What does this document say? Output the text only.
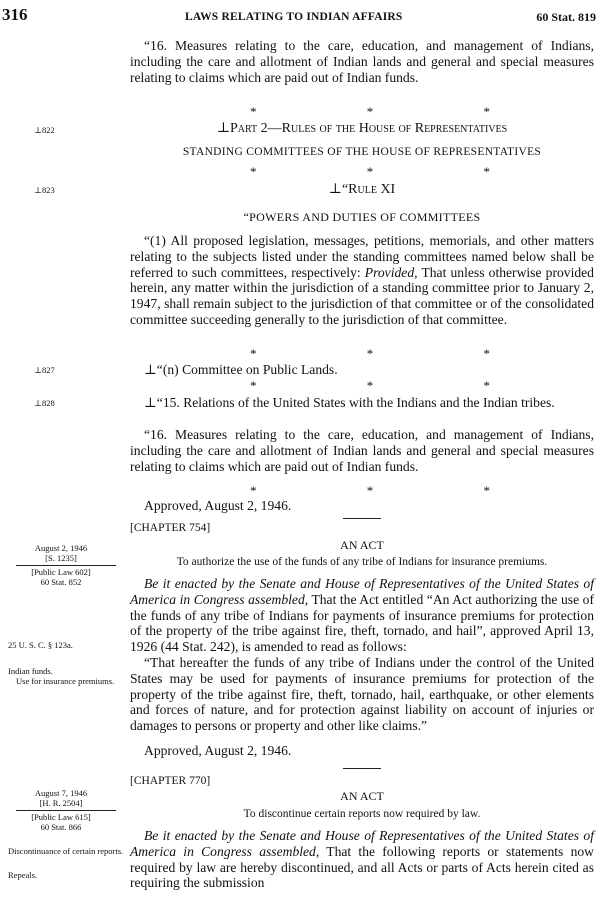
316	LAWS RELATING TO INDIAN AFFAIRS	60 Stat. 819
“16. Measures relating to the care, education, and management of Indians, including the care and allotment of Indian lands and general and special measures relating to claims which are paid out of Indian funds.
*	*	*
⊥822	⊥Part 2—Rules of the House of Representatives
STANDING COMMITTEES OF THE HOUSE OF REPRESENTATIVES
*	*	*
⊥823	⊥“Rule XI
“POWERS AND DUTIES OF COMMITTEES
“(1) All proposed legislation, messages, petitions, memorials, and other matters relating to the subjects listed under the standing committees named below shall be referred to such committees, respectively: Provided, That unless otherwise provided herein, any matter within the jurisdiction of a standing committee prior to January 2, 1947, shall remain subject to the jurisdiction of that committee or of the consolidated committee succeeding generally to the jurisdiction of that committee.
*	*	*
⊥827	⊥“(n) Committee on Public Lands.
*	*	*
⊥828	⊥“15. Relations of the United States with the Indians and the Indian tribes.
“16. Measures relating to the care, education, and management of Indians, including the care and allotment of Indian lands and general and special measures relating to claims which are paid out of Indian funds.
*	*	*
Approved, August 2, 1946.
[CHAPTER 754]
AN ACT
To authorize the use of the funds of any tribe of Indians for insurance premiums.
August 2, 1946
[S. 1235]
[Public Law 602]
60 Stat. 852	Be it enacted by the Senate and House of Representatives of the United States of America in Congress assembled, That the Act entitled “An Act authorizing the use of the funds of any tribe of Indians for payments of insurance premiums for protection of the property of the tribe against fire, theft, tornado, and hail”, approved April 13, 1926 (44 Stat. 242), is amended to read as follows:
25 U. S. C. § 123a.
Indian funds.
Use for insurance premiums.
“That hereafter the funds of any tribe of Indians under the control of the United States may be used for payments of insurance premiums for protection of the property of the tribe against fire, theft, tornado, hail, earthquake, or other elements and forces of nature, and for protection against liability on account of injuries or damages to persons or property and other like claims.”
Approved, August 2, 1946.
[CHAPTER 770]
AN ACT
To discontinue certain reports now required by law.
August 7, 1946
[H. R. 2504]
[Public Law 615]
60 Stat. 866
Be it enacted by the Senate and House of Representatives of the United States of America in Congress assembled, That the following reports or statements now required by law are hereby discontinued, and all Acts or parts of Acts herein cited as requiring the submission
Discontinuance of certain reports.
Repeals.
